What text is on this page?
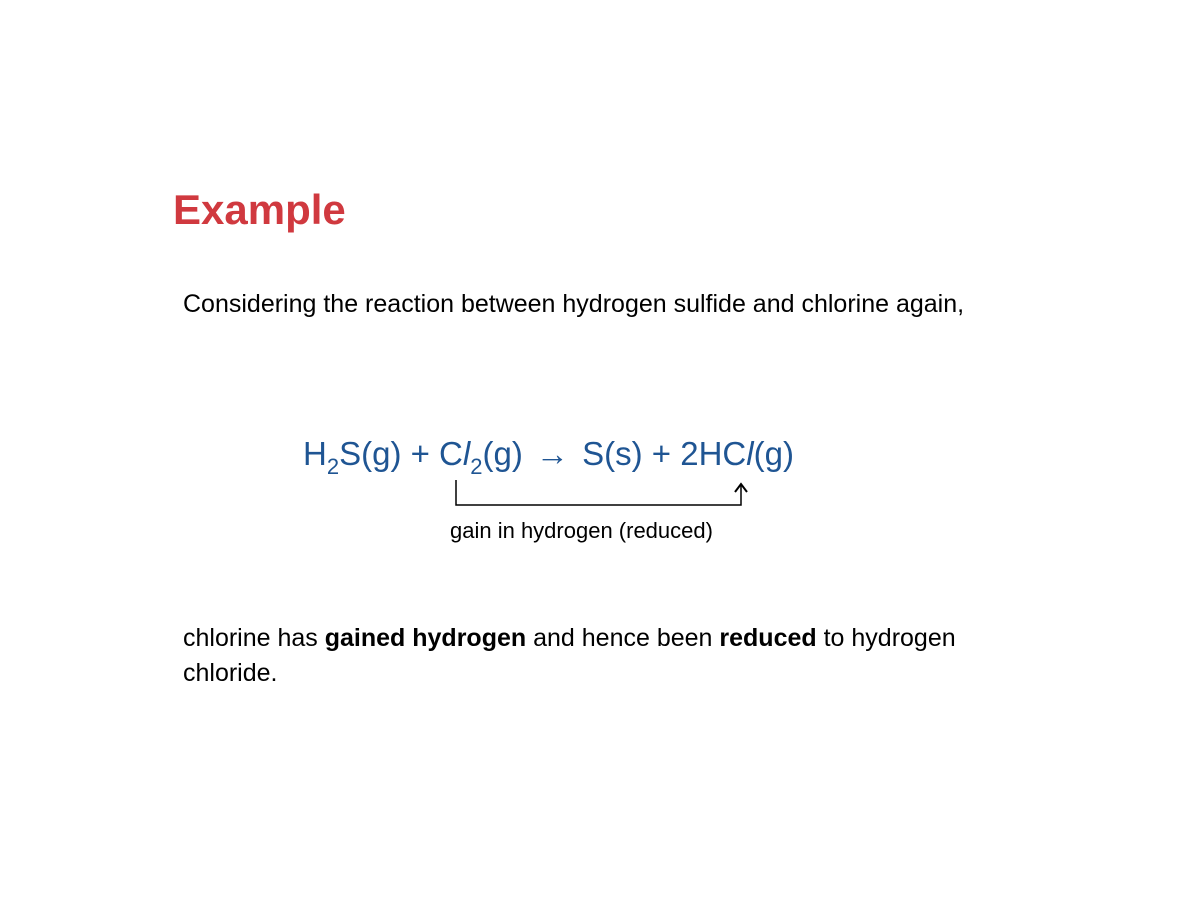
Example
Considering the reaction between hydrogen sulfide and chlorine again,
$H_2S(g) + Cl_2(g) \to S(s) + 2HCl(g)$
gain in hydrogen (reduced)
chlorine has gained hydrogen and hence been reduced to hydrogen chloride.
